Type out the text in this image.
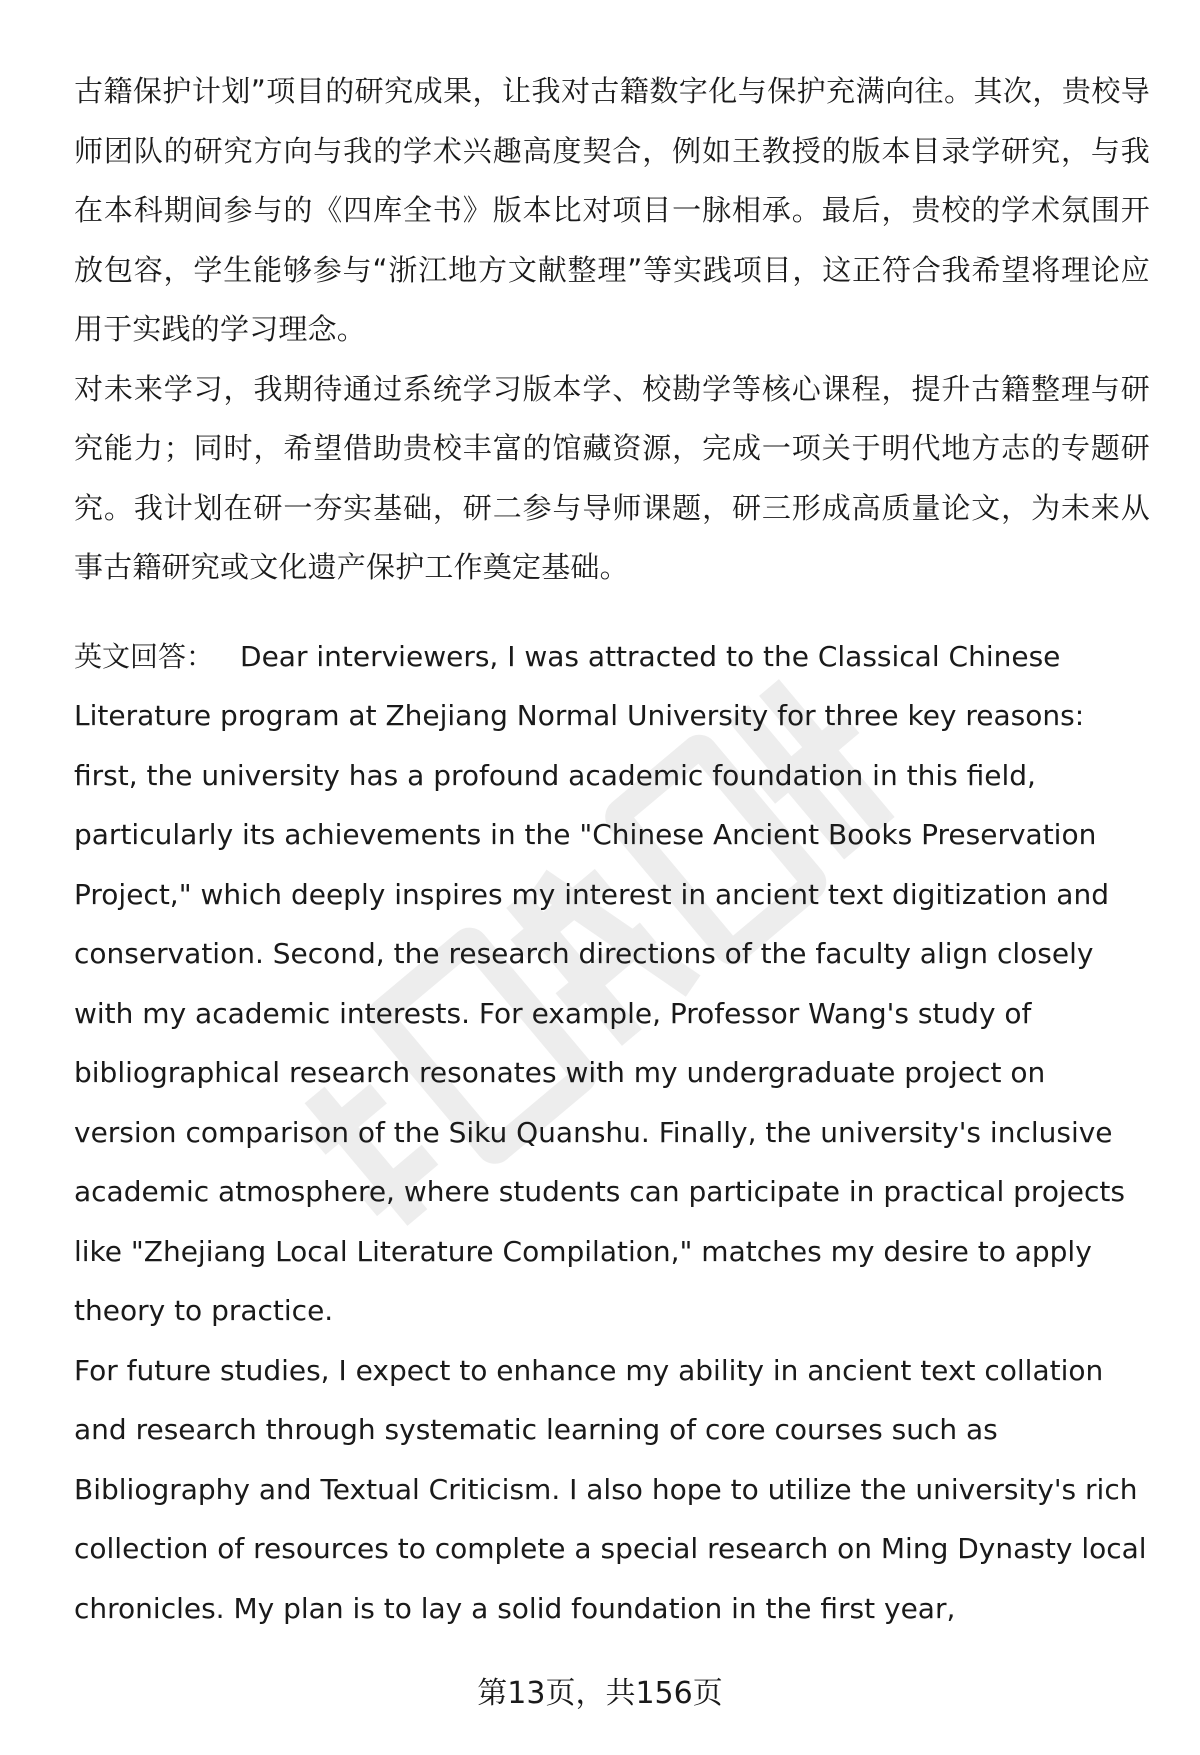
古籍保护计划”项目的研究成果，让我对古籍数字化与保护充满向往。其次，贵校导师团队的研究方向与我的学术兴趣高度契合，例如王教授的版本目录学研究，与我在本科期间参与的《四库全书》版本比对项目一脉相承。最后，贵校的学术氛围开放包容，学生能够参与“浙江地方文献整理”等实践项目，这正符合我希望将理论应用于实践的学习理念。

对未来学习，我期待通过系统学习版本学、校勘学等核心课程，提升古籍整理与研究能力；同时，希望借助贵校丰富的馆藏资源，完成一项关于明代地方志的专题研究。我计划在研一夯实基础，研二参与导师课题，研三形成高质量论文，为未来从事古籍研究或文化遗产保护工作奠定基础。

英文回答： Dear interviewers, I was attracted to the Classical Chinese Literature program at Zhejiang Normal University for three key reasons: first, the university has a profound academic foundation in this field, particularly its achievements in the "Chinese Ancient Books Preservation Project," which deeply inspires my interest in ancient text digitization and conservation. Second, the research directions of the faculty align closely with my academic interests. For example, Professor Wang's study of bibliographical research resonates with my undergraduate project on version comparison of the Siku Quanshu. Finally, the university's inclusive academic atmosphere, where students can participate in practical projects like "Zhejiang Local Literature Compilation," matches my desire to apply theory to practice.

For future studies, I expect to enhance my ability in ancient text collation and research through systematic learning of core courses such as Bibliography and Textual Criticism. I also hope to utilize the university's rich collection of resources to complete a special research on Ming Dynasty local chronicles. My plan is to lay a solid foundation in the first year,

第13页，共156页
